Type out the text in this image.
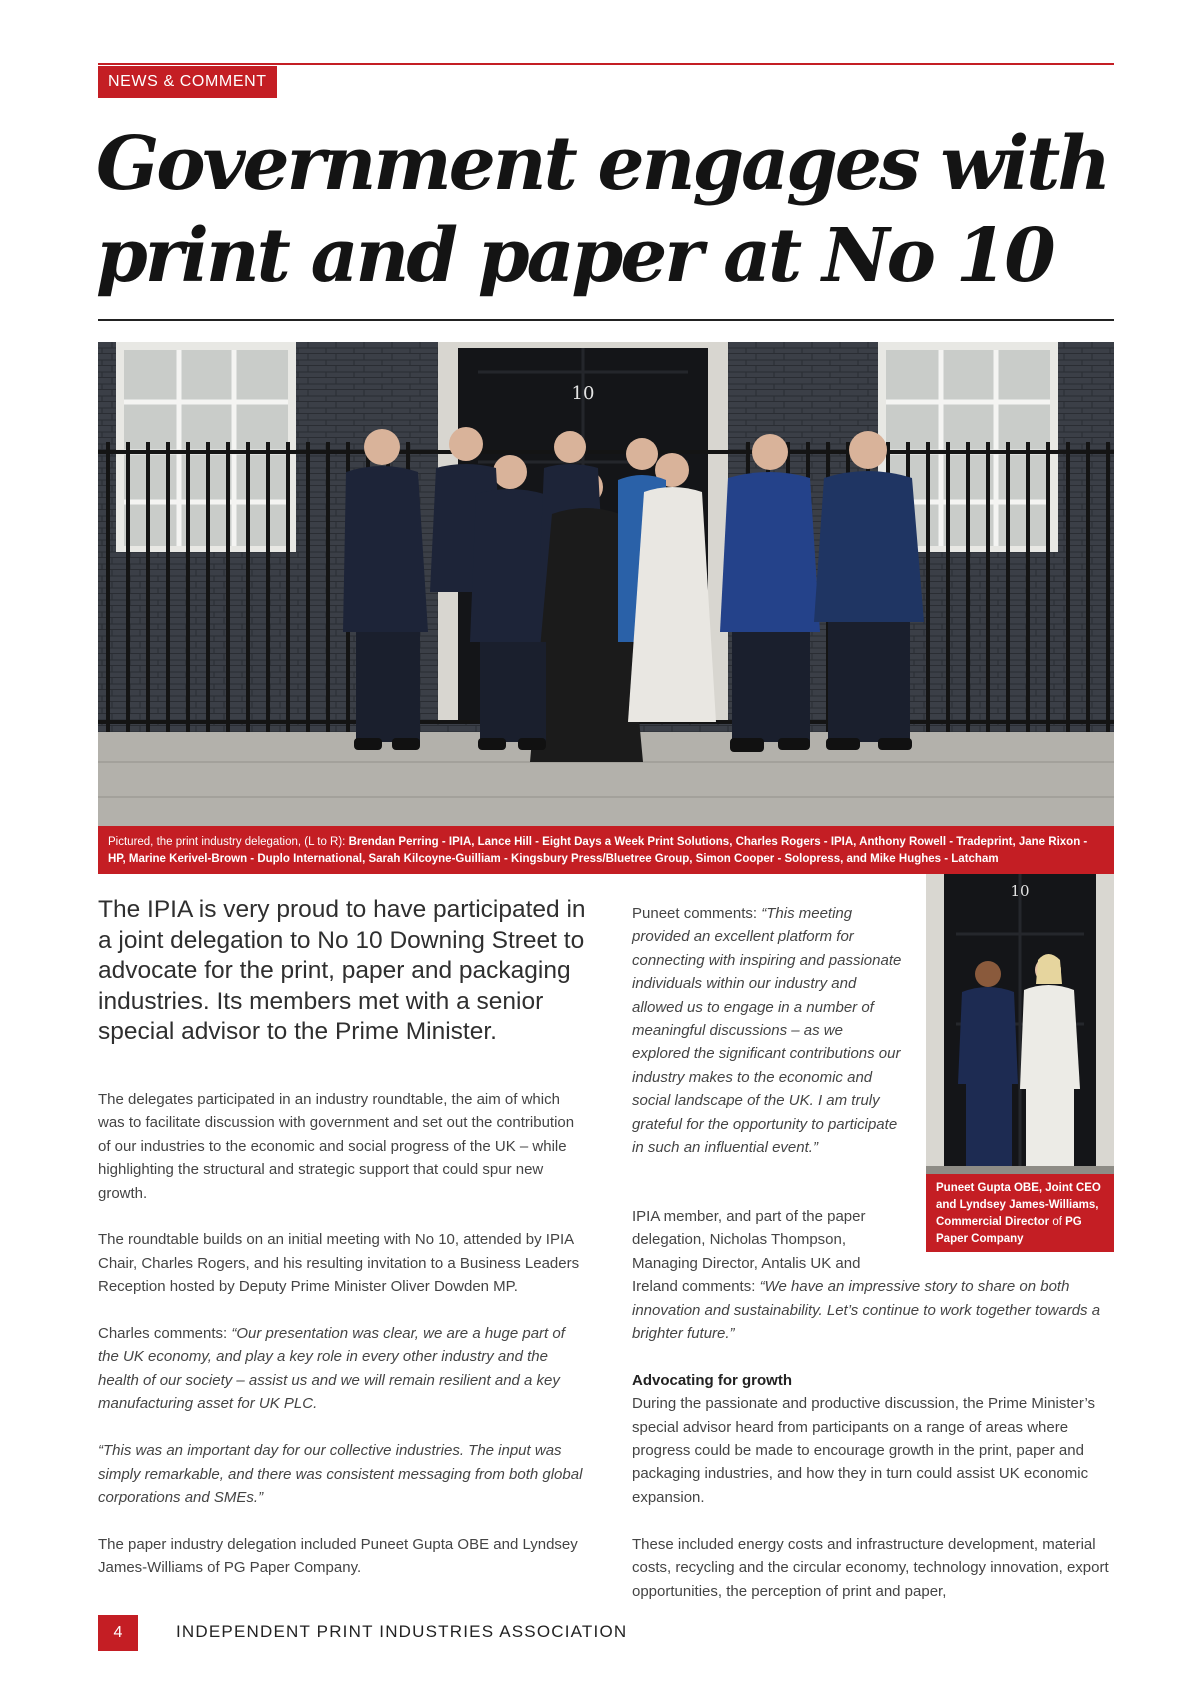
NEWS & COMMENT
Government engages with
print and paper at No 10
10
Pictured, the print industry delegation, (L to R): Brendan Perring - IPIA, Lance Hill - Eight Days a Week Print Solutions, Charles Rogers - IPIA, Anthony Rowell - Tradeprint, Jane Rixon - HP, Marine Kerivel-Brown - Duplo International, Sarah Kilcoyne-Guilliam - Kingsbury Press/Bluetree Group, Simon Cooper - Solopress, and Mike Hughes - Latcham

The IPIA is very proud to have participated in a joint delegation to No 10 Downing Street to advocate for the print, paper and packaging industries. Its members met with a senior special advisor to the Prime Minister.

The delegates participated in an industry roundtable, the aim of which was to facilitate discussion with government and set out the contribution of our industries to the economic and social progress of the UK – while highlighting the structural and strategic support that could spur new growth.

The roundtable builds on an initial meeting with No 10, attended by IPIA Chair, Charles Rogers, and his resulting invitation to a Business Leaders Reception hosted by Deputy Prime Minister Oliver Dowden MP.

Charles comments: “Our presentation was clear, we are a huge part of the UK economy, and play a key role in every other industry and the health of our society – assist us and we will remain resilient and a key manufacturing asset for UK PLC.

“This was an important day for our collective industries. The input was simply remarkable, and there was consistent messaging from both global corporations and SMEs.”

The paper industry delegation included Puneet Gupta OBE and Lyndsey James-Williams of PG Paper Company.

Puneet comments: “This meeting provided an excellent platform for connecting with inspiring and passionate individuals within our industry and allowed us to engage in a number of meaningful discussions – as we explored the significant contributions our industry makes to the economic and social landscape of the UK. I am truly grateful for the opportunity to participate in such an influential event.”

10
Puneet Gupta OBE, Joint CEO and Lyndsey James-Williams, Commercial Director of PG Paper Company

IPIA member, and part of the paper delegation, Nicholas Thompson, Managing Director, Antalis UK and Ireland comments: “We have an impressive story to share on both innovation and sustainability. Let’s continue to work together towards a brighter future.”

Advocating for growth

During the passionate and productive discussion, the Prime Minister’s special advisor heard from participants on a range of areas where progress could be made to encourage growth in the print, paper and packaging industries, and how they in turn could assist UK economic expansion.

These included energy costs and infrastructure development, material costs, recycling and the circular economy, technology innovation, export opportunities, the perception of print and paper,

4	INDEPENDENT PRINT INDUSTRIES ASSOCIATION
